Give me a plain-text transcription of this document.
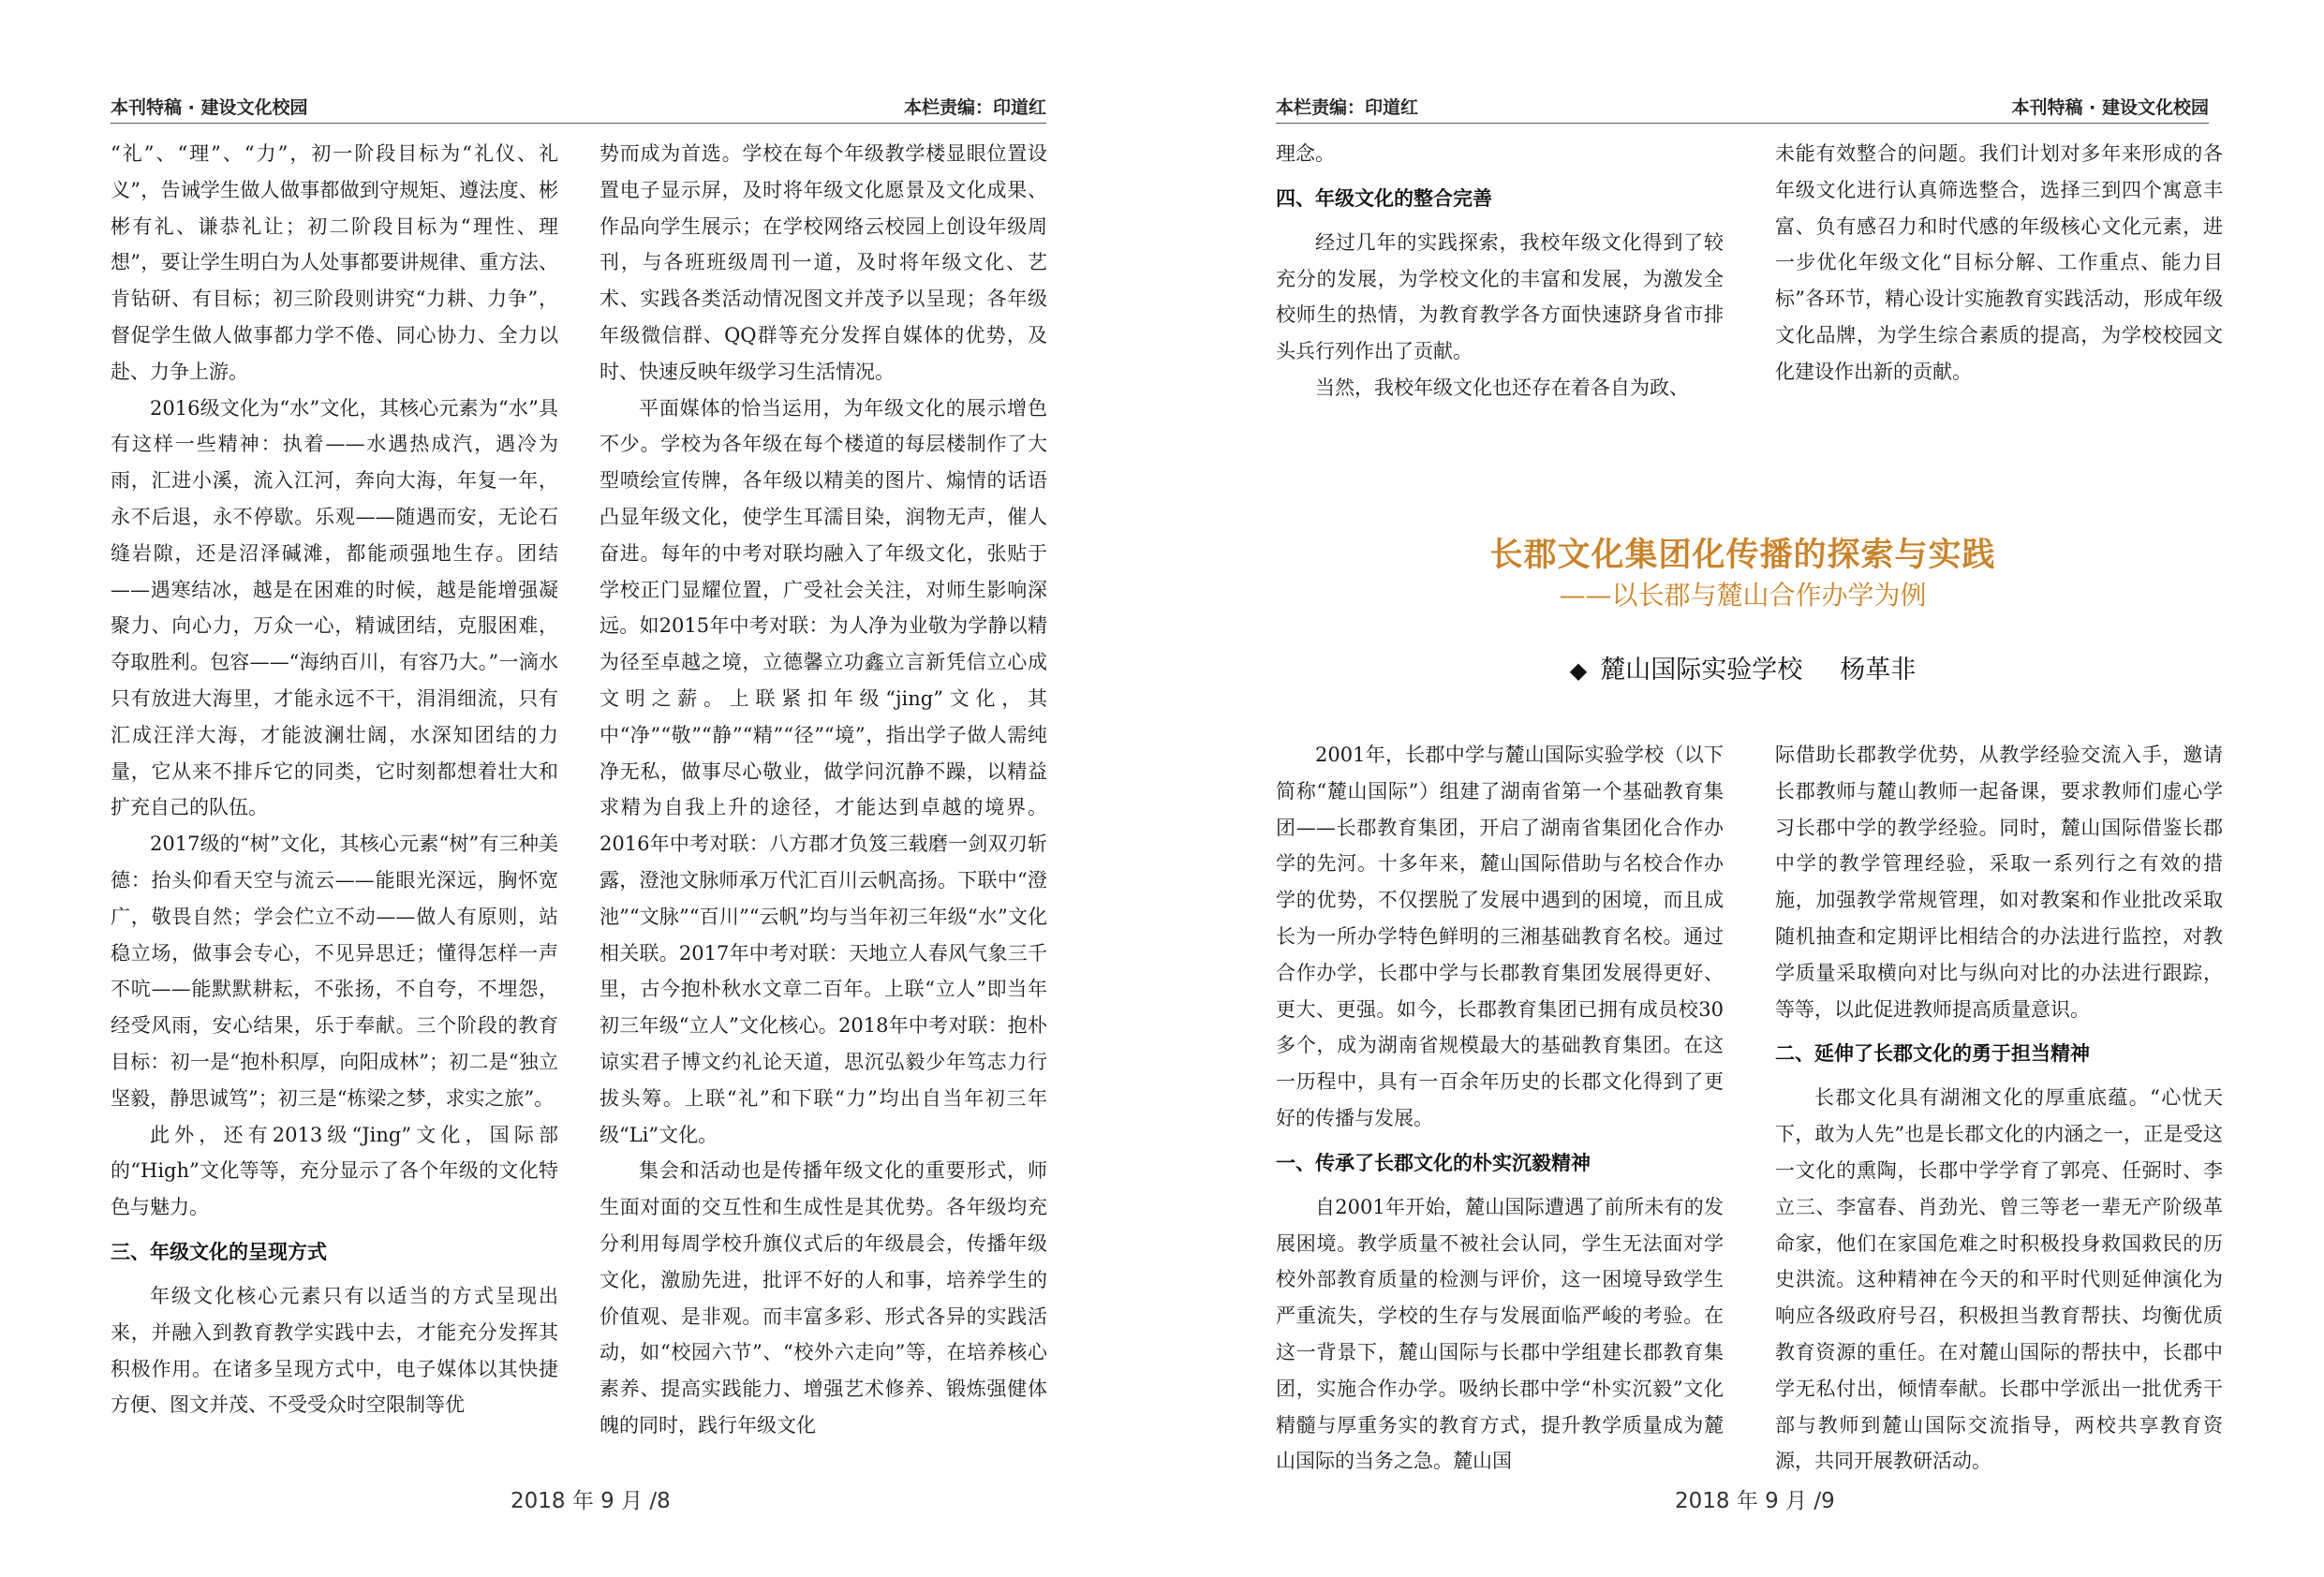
本刊特稿 · 建设文化校园	本栏责编：印道红

“礼”、“理”、“力”，初一阶段目标为“礼仪、礼义”，告诫学生做人做事都做到守规矩、遵法度、彬彬有礼、谦恭礼让；初二阶段目标为“理性、理想”，要让学生明白为人处事都要讲规律、重方法、肯钻研、有目标；初三阶段则讲究“力耕、力争”，督促学生做人做事都力学不倦、同心协力、全力以赴、力争上游。

2016级文化为“水”文化，其核心元素为“水”具有这样一些精神：执着——水遇热成汽，遇冷为雨，汇进小溪，流入江河，奔向大海，年复一年，永不后退，永不停歇。乐观——随遇而安，无论石缝岩隙，还是沼泽碱滩，都能顽强地生存。团结——遇寒结冰，越是在困难的时候，越是能增强凝聚力、向心力，万众一心，精诚团结，克服困难，夺取胜利。包容——“海纳百川，有容乃大。”一滴水只有放进大海里，才能永远不干，涓涓细流，只有汇成汪洋大海，才能波澜壮阔，水深知团结的力量，它从来不排斥它的同类，它时刻都想着壮大和扩充自己的队伍。

2017级的“树”文化，其核心元素“树”有三种美德：抬头仰看天空与流云——能眼光深远，胸怀宽广，敬畏自然；学会伫立不动——做人有原则，站稳立场，做事会专心，不见异思迁；懂得怎样一声不吭——能默默耕耘，不张扬，不自夸，不埋怨，经受风雨，安心结果，乐于奉献。三个阶段的教育目标：初一是“抱朴积厚，向阳成林”；初二是“独立坚毅，静思诚笃”；初三是“栋梁之梦，求实之旅”。

此外，还有2013级“Jing”文化，国际部的“High”文化等等，充分显示了各个年级的文化特色与魅力。

三、年级文化的呈现方式

年级文化核心元素只有以适当的方式呈现出来，并融入到教育教学实践中去，才能充分发挥其积极作用。在诸多呈现方式中，电子媒体以其快捷方便、图文并茂、不受受众时空限制等优

势而成为首选。学校在每个年级教学楼显眼位置设置电子显示屏，及时将年级文化愿景及文化成果、作品向学生展示；在学校网络云校园上创设年级周刊，与各班班级周刊一道，及时将年级文化、艺术、实践各类活动情况图文并茂予以呈现；各年级年级微信群、QQ群等充分发挥自媒体的优势，及时、快速反映年级学习生活情况。

平面媒体的恰当运用，为年级文化的展示增色不少。学校为各年级在每个楼道的每层楼制作了大型喷绘宣传牌，各年级以精美的图片、煽情的话语凸显年级文化，使学生耳濡目染，润物无声，催人奋进。每年的中考对联均融入了年级文化，张贴于学校正门显耀位置，广受社会关注，对师生影响深远。如2015年中考对联：为人净为业敬为学静以精为径至卓越之境，立德馨立功鑫立言新凭信立心成文明之薪。上联紧扣年级“jing”文化，其中“净”“敬”“静”“精”“径”“境”，指出学子做人需纯净无私，做事尽心敬业，做学问沉静不躁，以精益求精为自我上升的途径，才能达到卓越的境界。2016年中考对联：八方郡才负笈三载磨一剑双刃斩露，澄池文脉师承万代汇百川云帆高扬。下联中“澄池”“文脉”“百川”“云帆”均与当年初三年级“水”文化相关联。2017年中考对联：天地立人春风气象三千里，古今抱朴秋水文章二百年。上联“立人”即当年初三年级“立人”文化核心。2018年中考对联：抱朴谅实君子博文约礼论天道，思沉弘毅少年笃志力行拔头筹。上联“礼”和下联“力”均出自当年初三年级“Li”文化。

集会和活动也是传播年级文化的重要形式，师生面对面的交互性和生成性是其优势。各年级均充分利用每周学校升旗仪式后的年级晨会，传播年级文化，激励先进，批评不好的人和事，培养学生的价值观、是非观。而丰富多彩、形式各异的实践活动，如“校园六节”、“校外六走向”等，在培养核心素养、提高实践能力、增强艺术修养、锻炼强健体魄的同时，践行年级文化

2018 年 9 月 /8
本栏责编：印道红	本刊特稿 · 建设文化校园

理念。

四、年级文化的整合完善

经过几年的实践探索，我校年级文化得到了较充分的发展，为学校文化的丰富和发展，为激发全校师生的热情，为教育教学各方面快速跻身省市排头兵行列作出了贡献。

当然，我校年级文化也还存在着各自为政、

未能有效整合的问题。我们计划对多年来形成的各年级文化进行认真筛选整合，选择三到四个寓意丰富、负有感召力和时代感的年级核心文化元素，进一步优化年级文化“目标分解、工作重点、能力目标”各环节，精心设计实施教育实践活动，形成年级文化品牌，为学生综合素质的提高，为学校校园文化建设作出新的贡献。

长郡文化集团化传播的探索与实践
——以长郡与麓山合作办学为例
◆ 麓山国际实验学校 杨革非

2001年，长郡中学与麓山国际实验学校（以下简称“麓山国际”）组建了湖南省第一个基础教育集团——长郡教育集团，开启了湖南省集团化合作办学的先河。十多年来，麓山国际借助与名校合作办学的优势，不仅摆脱了发展中遇到的困境，而且成长为一所办学特色鲜明的三湘基础教育名校。通过合作办学，长郡中学与长郡教育集团发展得更好、更大、更强。如今，长郡教育集团已拥有成员校30多个，成为湖南省规模最大的基础教育集团。在这一历程中，具有一百余年历史的长郡文化得到了更好的传播与发展。

一、传承了长郡文化的朴实沉毅精神

自2001年开始，麓山国际遭遇了前所未有的发展困境。教学质量不被社会认同，学生无法面对学校外部教育质量的检测与评价，这一困境导致学生严重流失，学校的生存与发展面临严峻的考验。在这一背景下，麓山国际与长郡中学组建长郡教育集团，实施合作办学。吸纳长郡中学“朴实沉毅”文化精髓与厚重务实的教育方式，提升教学质量成为麓山国际的当务之急。麓山国

际借助长郡教学优势，从教学经验交流入手，邀请长郡教师与麓山教师一起备课，要求教师们虚心学习长郡中学的教学经验。同时，麓山国际借鉴长郡中学的教学管理经验，采取一系列行之有效的措施，加强教学常规管理，如对教案和作业批改采取随机抽查和定期评比相结合的办法进行监控，对教学质量采取横向对比与纵向对比的办法进行跟踪，等等，以此促进教师提高质量意识。

二、延伸了长郡文化的勇于担当精神

长郡文化具有湖湘文化的厚重底蕴。“心忧天下，敢为人先”也是长郡文化的内涵之一，正是受这一文化的熏陶，长郡中学学育了郭亮、任弼时、李立三、李富春、肖劲光、曾三等老一辈无产阶级革命家，他们在家国危难之时积极投身救国救民的历史洪流。这种精神在今天的和平时代则延伸演化为响应各级政府号召，积极担当教育帮扶、均衡优质教育资源的重任。在对麓山国际的帮扶中，长郡中学无私付出，倾情奉献。长郡中学派出一批优秀干部与教师到麓山国际交流指导，两校共享教育资源，共同开展教研活动。

2018 年 9 月 /9
